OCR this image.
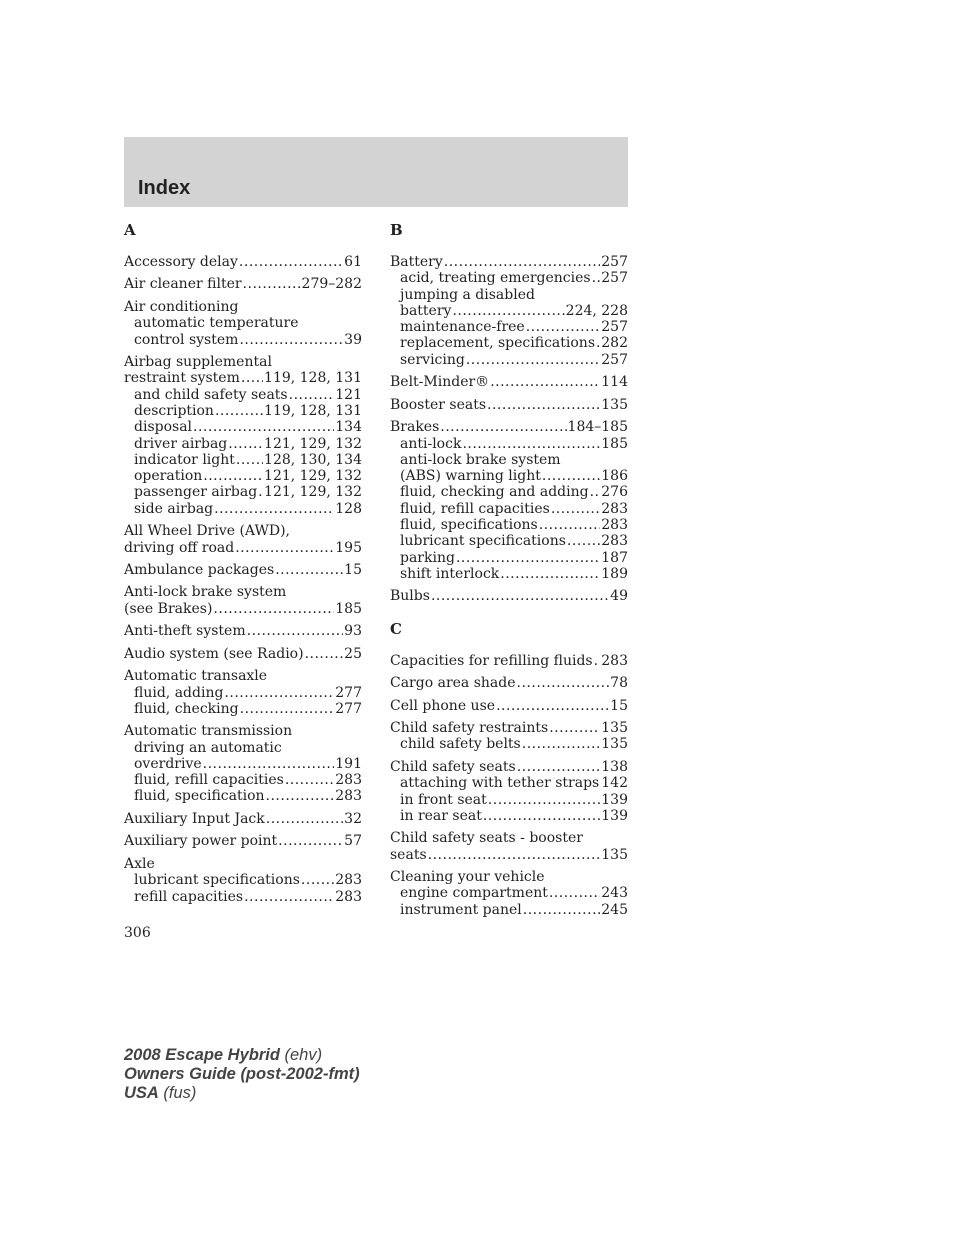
Index
A
Accessory delay .....	61
Air cleaner filter .....	279–282
Air conditioning
automatic temperature
control system .....	39
Airbag supplemental
restraint system ..... 119, 128, 131
and child safety seats .....	121
description .....	119, 128, 131
disposal .....	134
driver airbag .....	121, 129, 132
indicator light ..... 128, 130, 134
operation .....	121, 129, 132
passenger airbag ..... 121, 129, 132
side airbag .....	128
All Wheel Drive (AWD),
driving off road .....	195
Ambulance packages .....	15
Anti-lock brake system
(see Brakes) .....	185
Anti-theft system .....	93
Audio system (see Radio) .....	25
Automatic transaxle
fluid, adding .....	277
fluid, checking .....	277
Automatic transmission
driving an automatic
overdrive .....	191
fluid, refill capacities .....	283
fluid, specification .....	283
Auxiliary Input Jack .....	32
Auxiliary power point .....	57
Axle
lubricant specifications .....	283
refill capacities .....	283
B
Battery .....	257
acid, treating emergencies ..... 257
jumping a disabled
battery .....	224, 228
maintenance-free .....	257
replacement, specifications ..... 282
servicing .....	257
Belt-Minder® .....	114
Booster seats .....	135
Brakes .....	184–185
anti-lock .....	185
anti-lock brake system
(ABS) warning light .....	186
fluid, checking and adding ..... 276
fluid, refill capacities .....	283
fluid, specifications .....	283
lubricant specifications .....	283
parking .....	187
shift interlock .....	189
Bulbs .....	49
C
Capacities for refilling fluids ..... 283
Cargo area shade .....	78
Cell phone use .....	15
Child safety restraints .....	135
child safety belts .....	135
Child safety seats .....	138
attaching with tether straps ..... 142
in front seat .....	139
in rear seat .....	139
Child safety seats - booster
seats .....	135
Cleaning your vehicle
engine compartment .....	243
instrument panel .....	245
306
2008 Escape Hybrid (ehv)
Owners Guide (post-2002-fmt)
USA (fus)
